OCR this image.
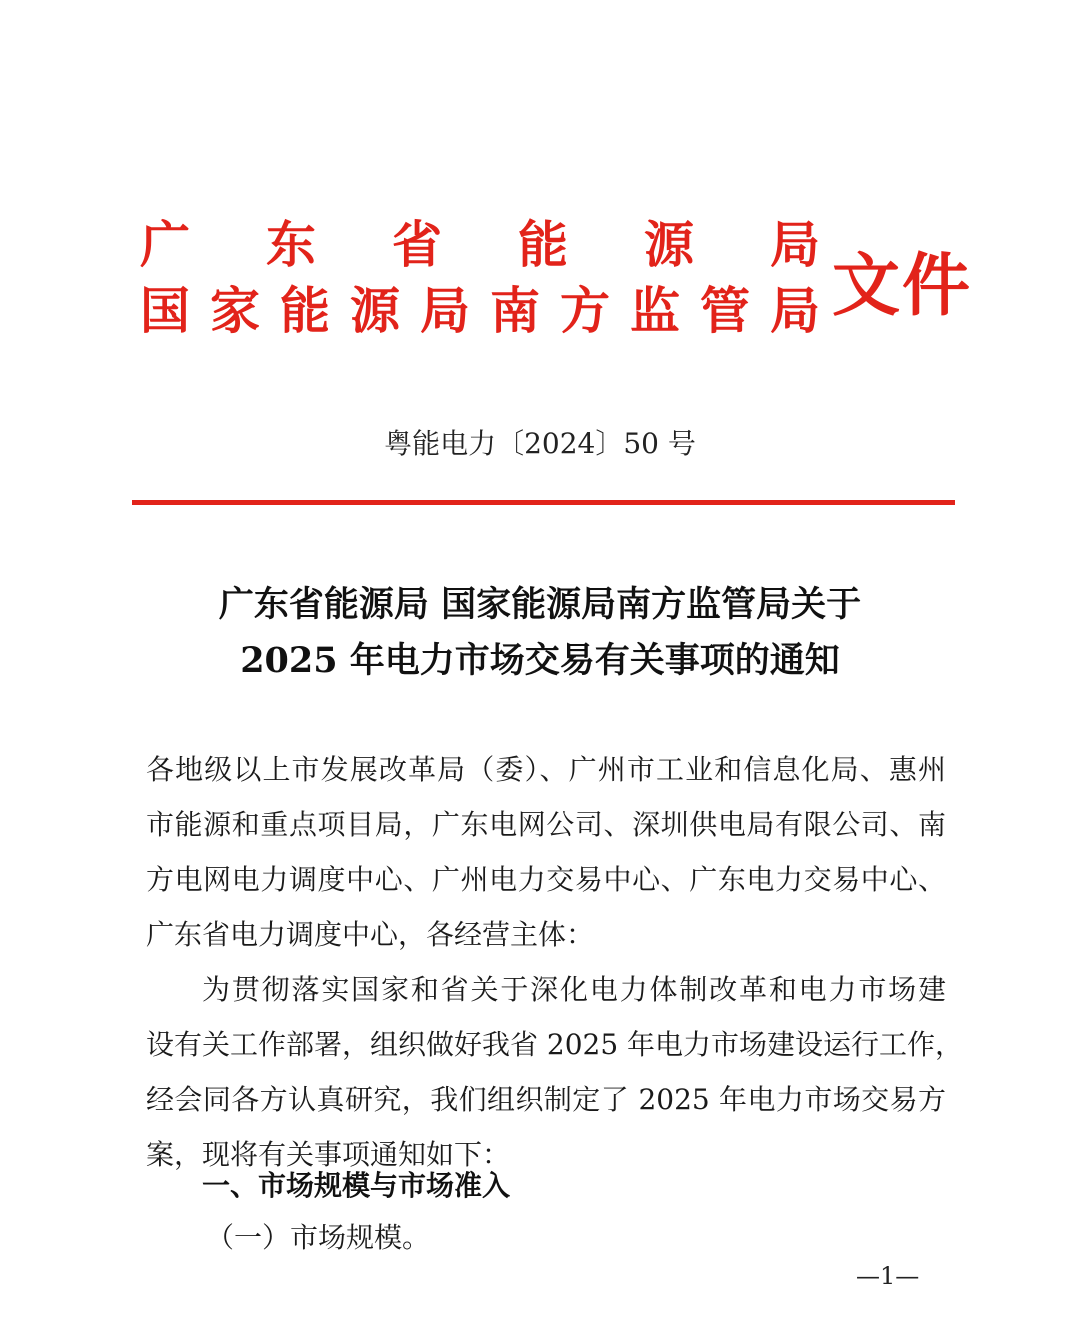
广 东 省 能 源 局
国 家 能 源 局 南 方 监 管 局 文件
粤能电力〔2024〕50 号
广东省能源局 国家能源局南方监管局关于
2025 年电力市场交易有关事项的通知
各地级以上市发展改革局（委）、广州市工业和信息化局、惠州
市能源和重点项目局，广东电网公司、深圳供电局有限公司、南
方电网电力调度中心、广州电力交易中心、广东电力交易中心、
广东省电力调度中心，各经营主体：
为贯彻落实国家和省关于深化电力体制改革和电力市场建
设有关工作部署，组织做好我省 2025 年电力市场建设运行工作，
经会同各方认真研究，我们组织制定了 2025 年电力市场交易方
案，现将有关事项通知如下：
一、市场规模与市场准入
（一）市场规模。
—1—
